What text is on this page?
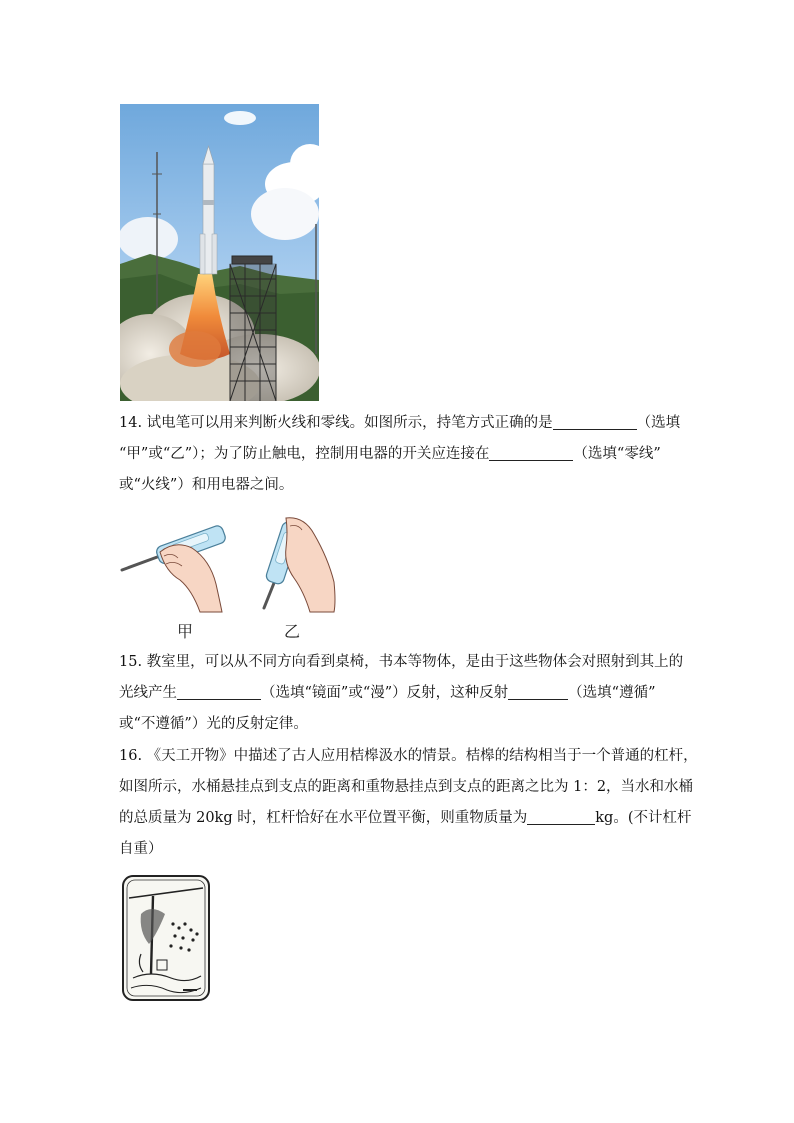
14. 试电笔可以用来判断火线和零线。如图所示，持笔方式正确的是	（选填
“甲”或“乙”）；为了防止触电，控制用电器的开关应连接在	（选填“零线”
或“火线”）和用电器之间。
甲	乙
15. 教室里，可以从不同方向看到桌椅，书本等物体，是由于这些物体会对照射到其上的
光线产生	（选填“镜面”或“漫”）反射，这种反射	（选填“遵循”
或“不遵循”）光的反射定律。
16. 《天工开物》中描述了古人应用桔槔汲水的情景。桔槔的结构相当于一个普通的杠杆，
如图所示，水桶悬挂点到支点的距离和重物悬挂点到支点的距离之比为 1：2，当水和水桶
的总质量为 20kg 时，杠杆恰好在水平位置平衡，则重物质量为	kg。(不计杠杆
自重）
